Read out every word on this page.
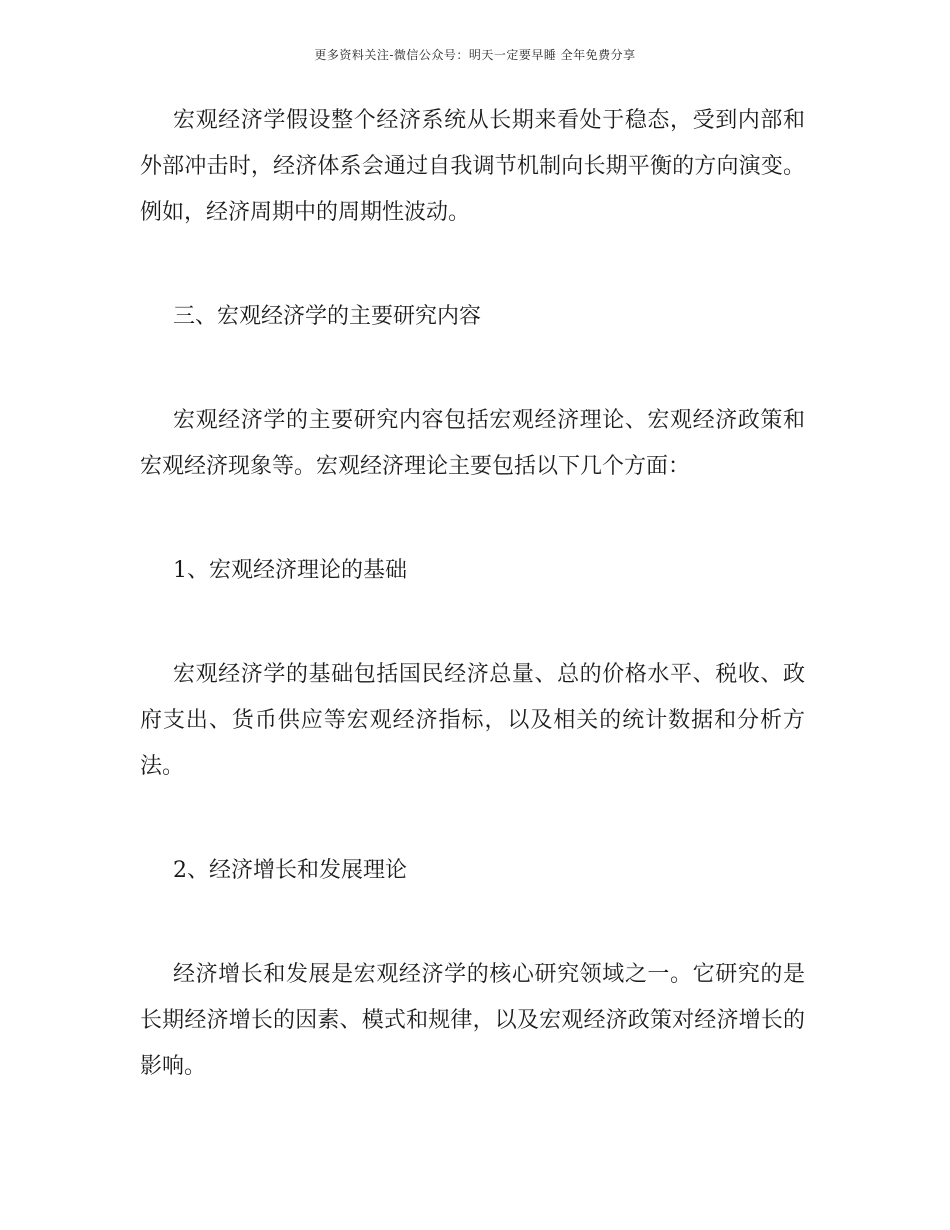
更多资料关注-微信公众号：明天一定要早睡 全年免费分享

宏观经济学假设整个经济系统从长期来看处于稳态，受到内部和外部冲击时，经济体系会通过自我调节机制向长期平衡的方向演变。例如，经济周期中的周期性波动。

三、宏观经济学的主要研究内容

宏观经济学的主要研究内容包括宏观经济理论、宏观经济政策和宏观经济现象等。宏观经济理论主要包括以下几个方面：

1、宏观经济理论的基础

宏观经济学的基础包括国民经济总量、总的价格水平、税收、政府支出、货币供应等宏观经济指标，以及相关的统计数据和分析方法。

2、经济增长和发展理论

经济增长和发展是宏观经济学的核心研究领域之一。它研究的是长期经济增长的因素、模式和规律，以及宏观经济政策对经济增长的影响。
